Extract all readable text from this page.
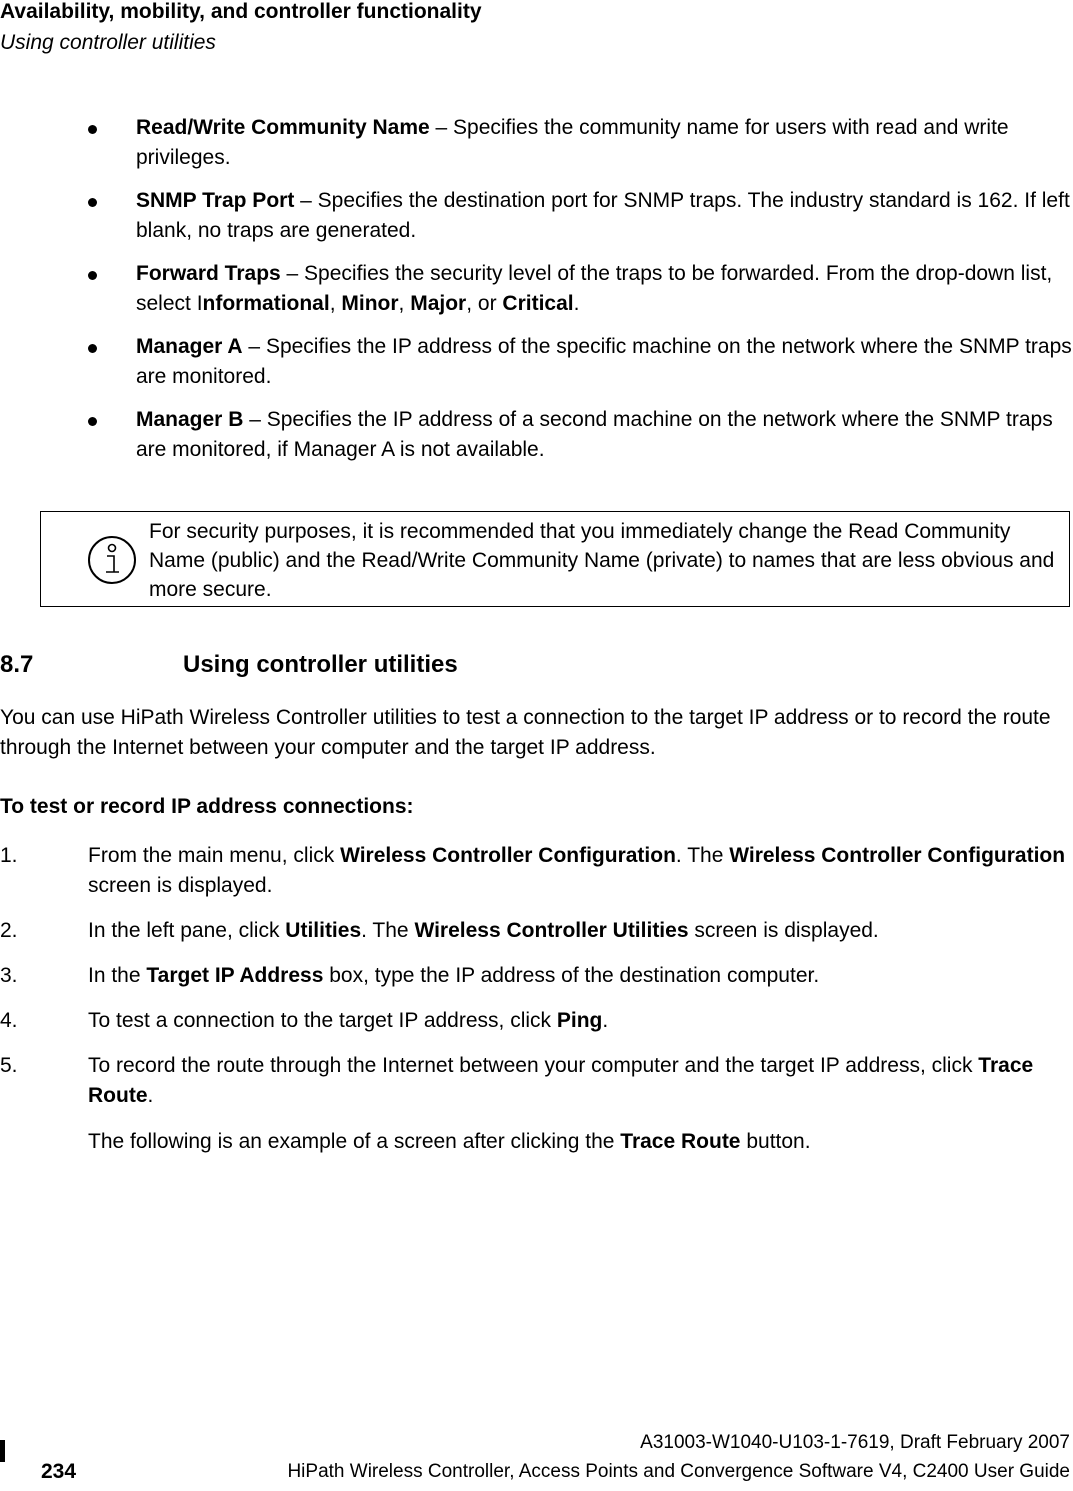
Availability, mobility, and controller functionality
Using controller utilities
Read/Write Community Name – Specifies the community name for users with read and write privileges.
SNMP Trap Port – Specifies the destination port for SNMP traps. The industry standard is 162. If left blank, no traps are generated.
Forward Traps – Specifies the security level of the traps to be forwarded. From the drop-down list, select Informational, Minor, Major, or Critical.
Manager A – Specifies the IP address of the specific machine on the network where the SNMP traps are monitored.
Manager B – Specifies the IP address of a second machine on the network where the SNMP traps are monitored, if Manager A is not available.
For security purposes, it is recommended that you immediately change the Read Community Name (public) and the Read/Write Community Name (private) to names that are less obvious and more secure.
8.7	Using controller utilities
You can use HiPath Wireless Controller utilities to test a connection to the target IP address or to record the route through the Internet between your computer and the target IP address.
To test or record IP address connections:
1.	From the main menu, click Wireless Controller Configuration. The Wireless Controller Configuration screen is displayed.
2.	In the left pane, click Utilities. The Wireless Controller Utilities screen is displayed.
3.	In the Target IP Address box, type the IP address of the destination computer.
4.	To test a connection to the target IP address, click Ping.
5.	To record the route through the Internet between your computer and the target IP address, click Trace Route.
The following is an example of a screen after clicking the Trace Route button.
234
A31003-W1040-U103-1-7619, Draft February 2007
HiPath Wireless Controller, Access Points and Convergence Software V4, C2400 User Guide
